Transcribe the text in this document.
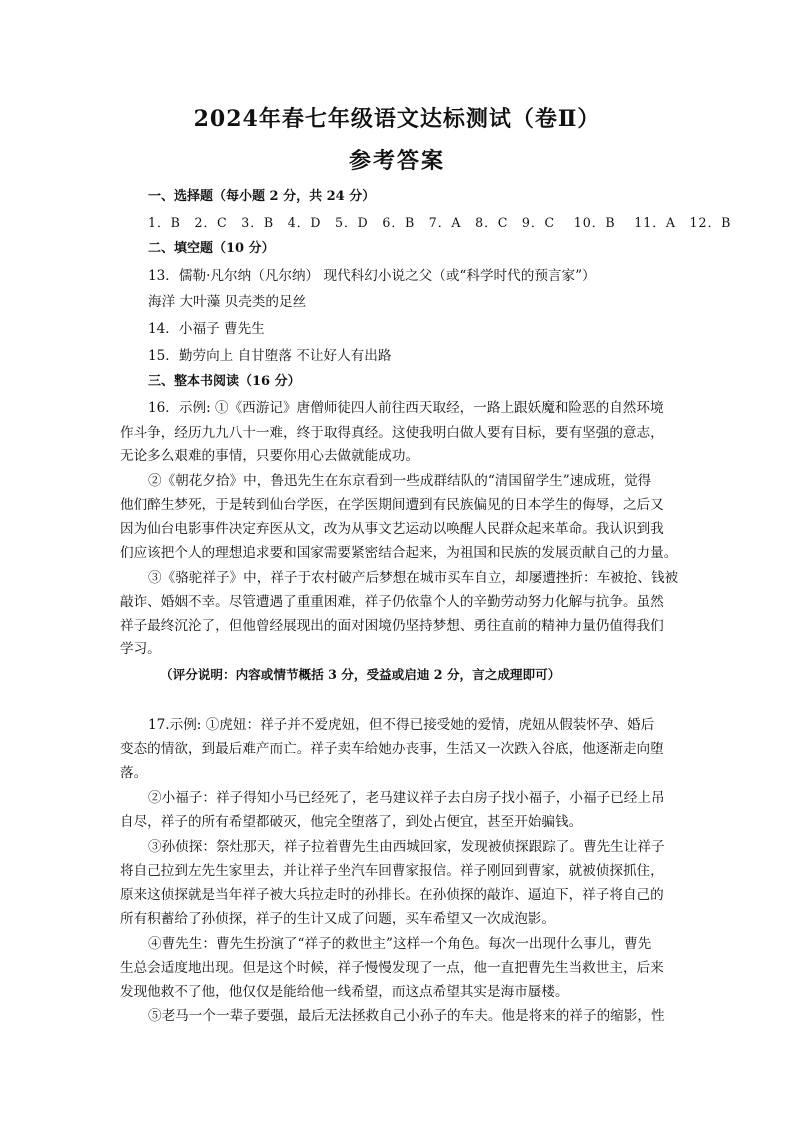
2024年春七年级语文达标测试（卷Ⅱ）
参考答案
一、选择题（每小题 2 分，共 24 分）
1．B　2．C　3．B　4．D　5．D　6．B　7．A　8．C　9．C　 10．B　 11．A　12．B
二、填空题（10 分）
13．儒勒·凡尔纳（凡尔纳） 现代科幻小说之父（或“科学时代的预言家”）
海洋 大叶藻 贝壳类的足丝
14．小福子 曹先生
15．勤劳向上 自甘堕落 不让好人有出路
三、整本书阅读（16 分）
16．示例: ①《西游记》唐僧师徒四人前往西天取经，一路上跟妖魔和险恶的自然环境
作斗争，经历九九八十一难，终于取得真经。这使我明白做人要有目标，要有坚强的意志，
无论多么艰难的事情，只要你用心去做就能成功。
②《朝花夕拾》中，鲁迅先生在东京看到一些成群结队的“清国留学生”速成班，觉得
他们醉生梦死，于是转到仙台学医，在学医期间遭到有民族偏见的日本学生的侮辱，之后又
因为仙台电影事件决定弃医从文，改为从事文艺运动以唤醒人民群众起来革命。我认识到我
们应该把个人的理想追求要和国家需要紧密结合起来，为祖国和民族的发展贡献自己的力量。
③《骆驼祥子》中，祥子于农村破产后梦想在城市买车自立，却屡遭挫折：车被抢、钱被
敲诈、婚姻不幸。尽管遭遇了重重困难，祥子仍依靠个人的辛勤劳动努力化解与抗争。虽然
祥子最终沉沦了，但他曾经展现出的面对困境仍坚持梦想、勇往直前的精神力量仍值得我们
学习。
（评分说明：内容或情节概括 3 分，受益或启迪 2 分，言之成理即可）
17.示例: ①虎妞：祥子并不爱虎妞，但不得已接受她的爱情，虎妞从假装怀孕、婚后
变态的情欲，到最后难产而亡。祥子卖车给她办丧事，生活又一次跌入谷底，他逐渐走向堕
落。
②小福子：祥子得知小马已经死了，老马建议祥子去白房子找小福子，小福子已经上吊
自尽，祥子的所有希望都破灭，他完全堕落了，到处占便宜，甚至开始骗钱。
③孙侦探：祭灶那天，祥子拉着曹先生由西城回家，发现被侦探跟踪了。曹先生让祥子
将自己拉到左先生家里去，并让祥子坐汽车回曹家报信。祥子刚回到曹家，就被侦探抓住，
原来这侦探就是当年祥子被大兵拉走时的孙排长。在孙侦探的敲诈、逼迫下，祥子将自己的
所有积蓄给了孙侦探，祥子的生计又成了问题，买车希望又一次成泡影。
④曹先生：曹先生扮演了“祥子的救世主”这样一个角色。每次一出现什么事儿，曹先
生总会适度地出现。但是这个时候，祥子慢慢发现了一点，他一直把曹先生当救世主，后来
发现他救不了他，他仅仅是能给他一线希望，而这点希望其实是海市蜃楼。
⑤老马一个一辈子要强，最后无法拯救自己小孙子的车夫。他是将来的祥子的缩影，性
